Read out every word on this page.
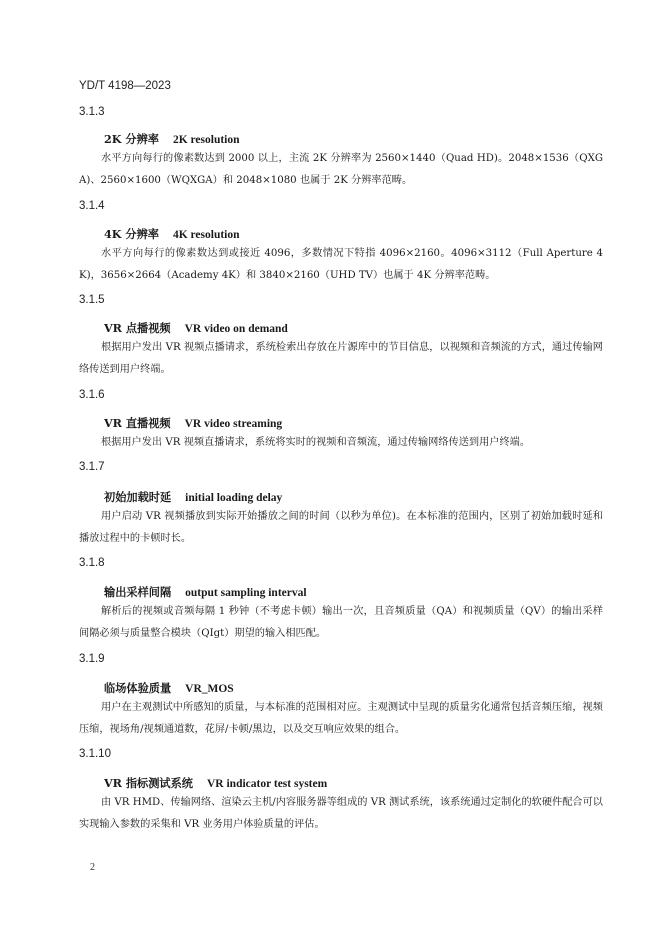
YD/T 4198—2023
3.1.3
2K 分辨率 2K resolution
水平方向每行的像素数达到 2000 以上，主流 2K 分辨率为 2560×1440（Quad HD)。2048×1536（QXGA)、2560×1600（WQXGA）和 2048×1080 也属于 2K 分辨率范畴。
3.1.4
4K 分辨率 4K resolution
水平方向每行的像素数达到或接近 4096，多数情况下特指 4096×2160。4096×3112（Full Aperture 4K)，3656×2664（Academy 4K）和 3840×2160（UHD TV）也属于 4K 分辨率范畴。
3.1.5
VR 点播视频 VR video on demand
根据用户发出 VR 视频点播请求，系统检索出存放在片源库中的节目信息，以视频和音频流的方式，通过传输网络传送到用户终端。
3.1.6
VR 直播视频 VR video streaming
根据用户发出 VR 视频直播请求，系统将实时的视频和音频流，通过传输网络传送到用户终端。
3.1.7
初始加载时延 initial loading delay
用户启动 VR 视频播放到实际开始播放之间的时间（以秒为单位)。在本标准的范围内，区别了初始加载时延和播放过程中的卡顿时长。
3.1.8
输出采样间隔 output sampling interval
解析后的视频或音频每隔 1 秒钟（不考虑卡顿）输出一次，且音频质量（QA）和视频质量（QV）的输出采样间隔必须与质量整合模块（QIgt）期望的输入相匹配。
3.1.9
临场体验质量 VR_MOS
用户在主观测试中所感知的质量，与本标准的范围相对应。主观测试中呈现的质量劣化通常包括音频压缩，视频压缩，视场角/视频通道数，花屏/卡顿/黑边，以及交互响应效果的组合。
3.1.10
VR 指标测试系统 VR indicator test system
由 VR HMD、传输网络、渲染云主机/内容服务器等组成的 VR 测试系统，该系统通过定制化的软硬件配合可以实现输入参数的采集和 VR 业务用户体验质量的评估。
2
